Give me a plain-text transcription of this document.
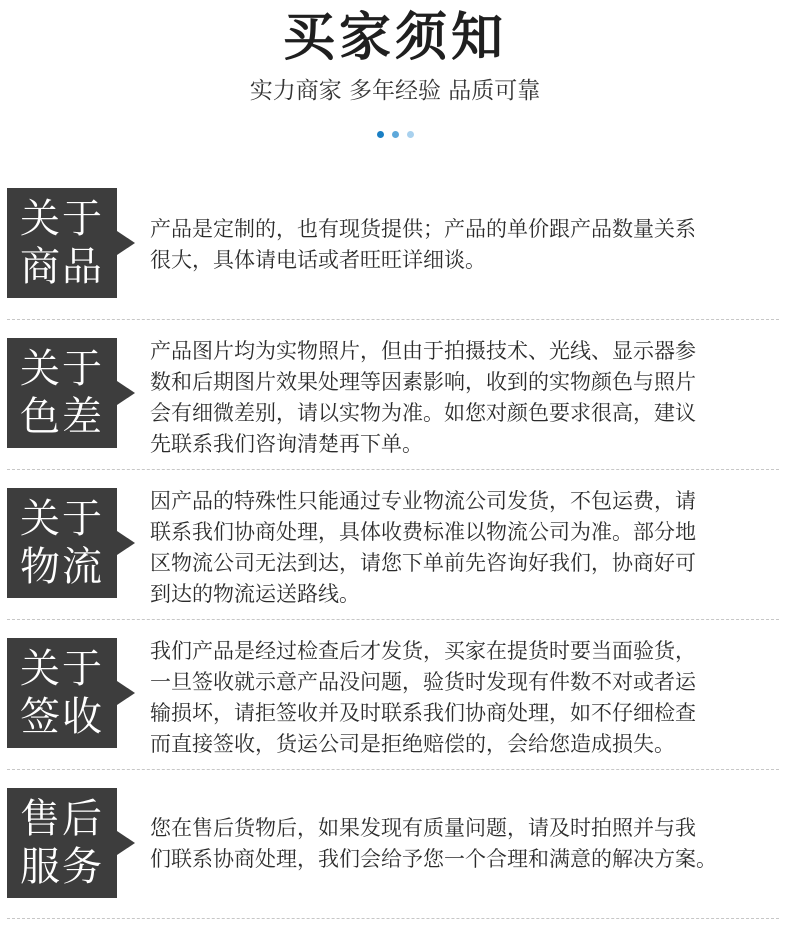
买家须知
实力商家 多年经验 品质可靠

关于
商品
产品是定制的，也有现货提供；产品的单价跟产品数量关系
很大，具体请电话或者旺旺详细谈。
关于
色差
产品图片均为实物照片，但由于拍摄技术、光线、显示器参
数和后期图片效果处理等因素影响，收到的实物颜色与照片
会有细微差别，请以实物为准。如您对颜色要求很高，建议
先联系我们咨询清楚再下单。
关于
物流
因产品的特殊性只能通过专业物流公司发货，不包运费，请
联系我们协商处理，具体收费标准以物流公司为准。部分地
区物流公司无法到达，请您下单前先咨询好我们，协商好可
到达的物流运送路线。
关于
签收
我们产品是经过检查后才发货，买家在提货时要当面验货，
一旦签收就示意产品没问题，验货时发现有件数不对或者运
输损坏，请拒签收并及时联系我们协商处理，如不仔细检查
而直接签收，货运公司是拒绝赔偿的，会给您造成损失。
售后
服务
您在售后货物后，如果发现有质量问题，请及时拍照并与我
们联系协商处理，我们会给予您一个合理和满意的解决方案。
